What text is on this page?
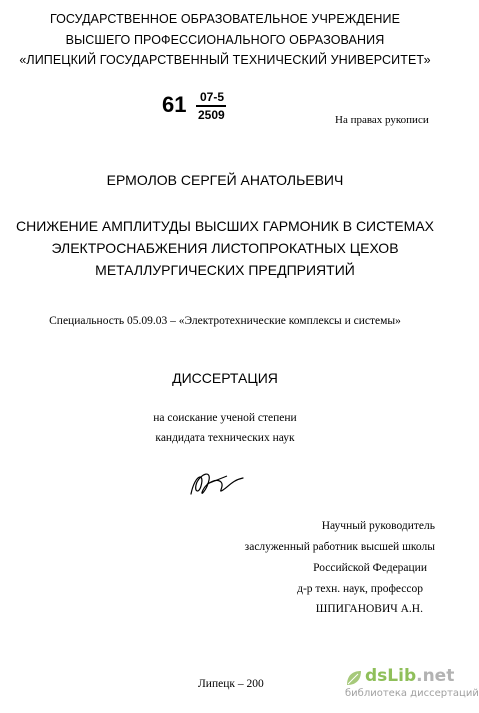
ГОСУДАРСТВЕННОЕ ОБРАЗОВАТЕЛЬНОЕ УЧРЕЖДЕНИЕ
ВЫСШЕГО ПРОФЕССИОНАЛЬНОГО ОБРАЗОВАНИЯ
«ЛИПЕЦКИЙ ГОСУДАРСТВЕННЫЙ ТЕХНИЧЕСКИЙ УНИВЕРСИТЕТ»
61 07-5
2509	На правах рукописи
ЕРМОЛОВ СЕРГЕЙ АНАТОЛЬЕВИЧ
СНИЖЕНИЕ АМПЛИТУДЫ ВЫСШИХ ГАРМОНИК В СИСТЕМАХ
ЭЛЕКТРОСНАБЖЕНИЯ ЛИСТОПРОКАТНЫХ ЦЕХОВ
МЕТАЛЛУРГИЧЕСКИХ ПРЕДПРИЯТИЙ
Специальность 05.09.03 – «Электротехнические комплексы и системы»
ДИССЕРТАЦИЯ
на соискание ученой степени
кандидата технических наук
Научный руководитель
заслуженный работник высшей школы
Российской Федерации
д-р техн. наук, профессор
ШПИГАНОВИЧ А.Н.
Липецк – 200	dsLib.net
библиотека диссертаций
